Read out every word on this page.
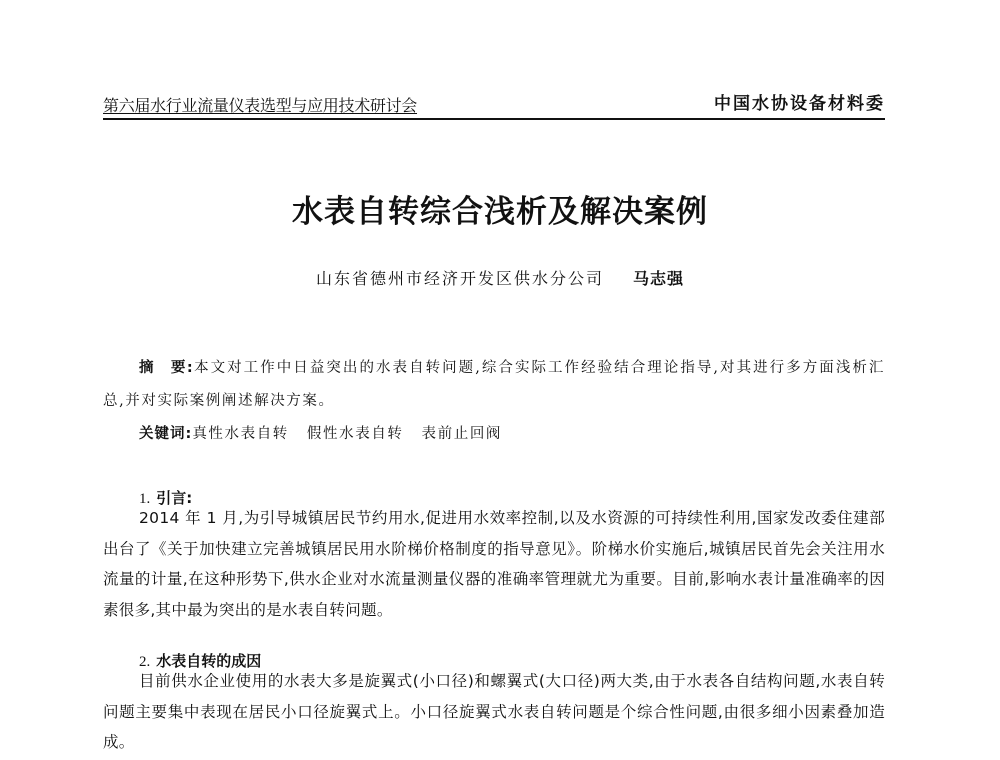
第六届水行业流量仪表选型与应用技术研讨会	中国水协设备材料委
水表自转综合浅析及解决案例
山东省德州市经济开发区供水分公司 马志强
摘　要:本文对工作中日益突出的水表自转问题,综合实际工作经验结合理论指导,对其进行多方面浅析汇总,并对实际案例阐述解决方案。
关键词:真性水表自转 假性水表自转 表前止回阀
1. 引言:

2014 年 1 月,为引导城镇居民节约用水,促进用水效率控制,以及水资源的可持续性利用,国家发改委住建部出台了《关于加快建立完善城镇居民用水阶梯价格制度的指导意见》。阶梯水价实施后,城镇居民首先会关注用水流量的计量,在这种形势下,供水企业对水流量测量仪器的准确率管理就尤为重要。目前,影响水表计量准确率的因素很多,其中最为突出的是水表自转问题。

2. 水表自转的成因

目前供水企业使用的水表大多是旋翼式(小口径)和螺翼式(大口径)两大类,由于水表各自结构问题,水表自转问题主要集中表现在居民小口径旋翼式上。小口径旋翼式水表自转问题是个综合性问题,由很多细小因素叠加造成。
